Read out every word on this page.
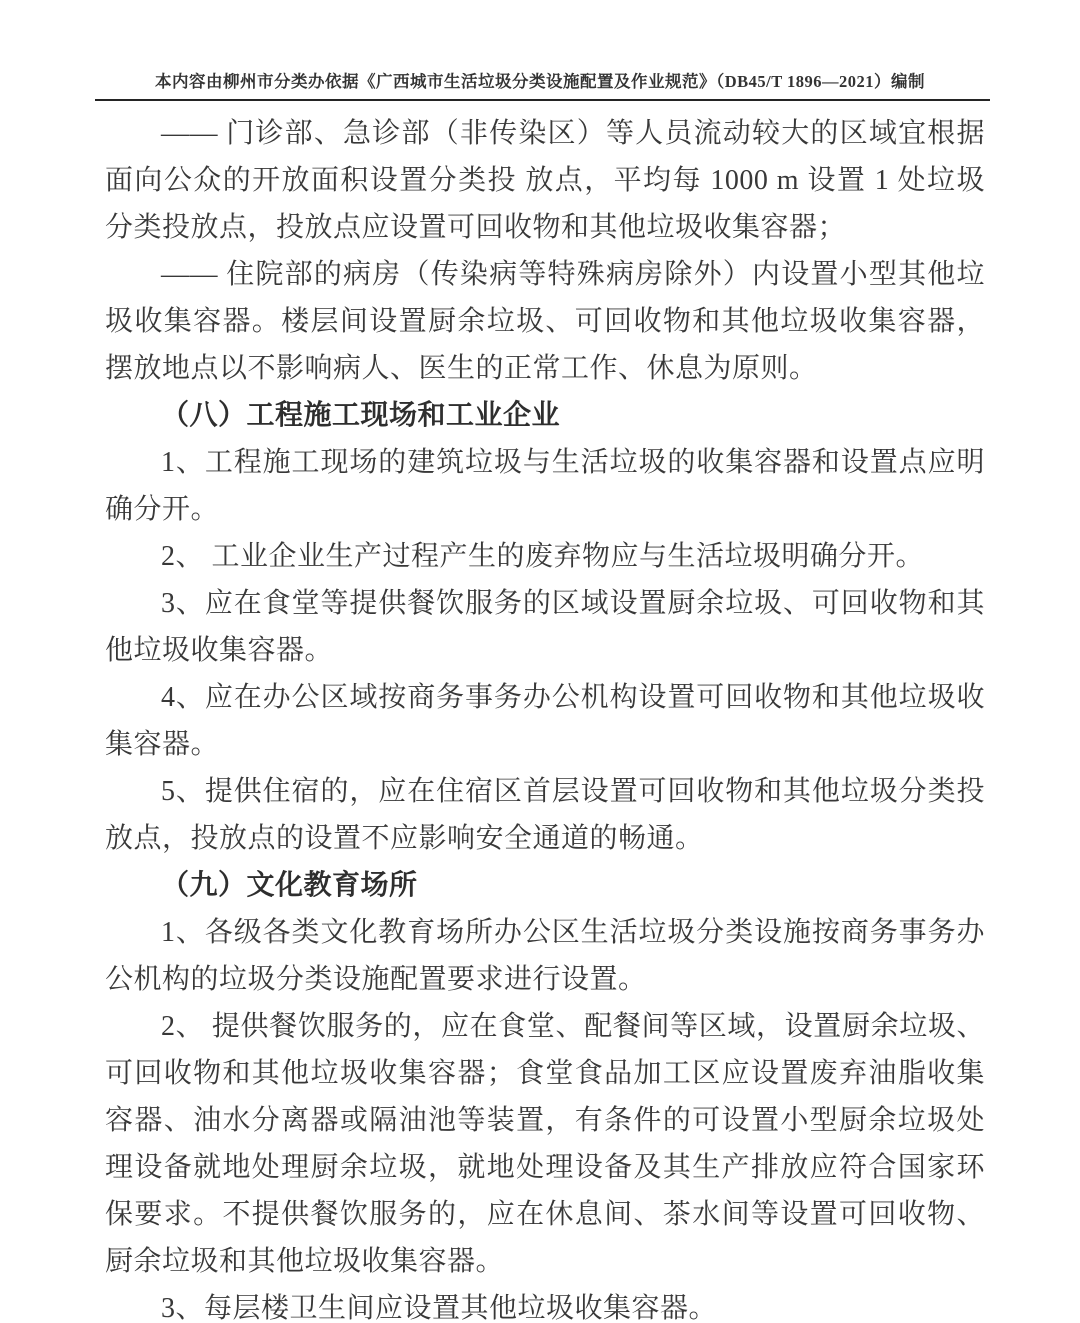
本内容由柳州市分类办依据《广西城市生活垃圾分类设施配置及作业规范》（DB45/T 1896—2021）编制

—— 门诊部、急诊部（非传染区）等人员流动较大的区域宜根据面向公众的开放面积设置分类投 放点，平均每 1000 m 设置 1 处垃圾分类投放点，投放点应设置可回收物和其他垃圾收集容器；

—— 住院部的病房（传染病等特殊病房除外）内设置小型其他垃圾收集容器。楼层间设置厨余垃圾、可回收物和其他垃圾收集容器，摆放地点以不影响病人、医生的正常工作、休息为原则。

（八）工程施工现场和工业企业

1、工程施工现场的建筑垃圾与生活垃圾的收集容器和设置点应明确分开。

2、 工业企业生产过程产生的废弃物应与生活垃圾明确分开。

3、应在食堂等提供餐饮服务的区域设置厨余垃圾、可回收物和其他垃圾收集容器。

4、应在办公区域按商务事务办公机构设置可回收物和其他垃圾收集容器。

5、提供住宿的，应在住宿区首层设置可回收物和其他垃圾分类投放点，投放点的设置不应影响安全通道的畅通。

（九）文化教育场所

1、各级各类文化教育场所办公区生活垃圾分类设施按商务事务办公机构的垃圾分类设施配置要求进行设置。

2、 提供餐饮服务的，应在食堂、配餐间等区域，设置厨余垃圾、可回收物和其他垃圾收集容器；食堂食品加工区应设置废弃油脂收集容器、油水分离器或隔油池等装置，有条件的可设置小型厨余垃圾处理设备就地处理厨余垃圾，就地处理设备及其生产排放应符合国家环保要求。不提供餐饮服务的，应在休息间、茶水间等设置可回收物、厨余垃圾和其他垃圾收集容器。

3、每层楼卫生间应设置其他垃圾收集容器。
